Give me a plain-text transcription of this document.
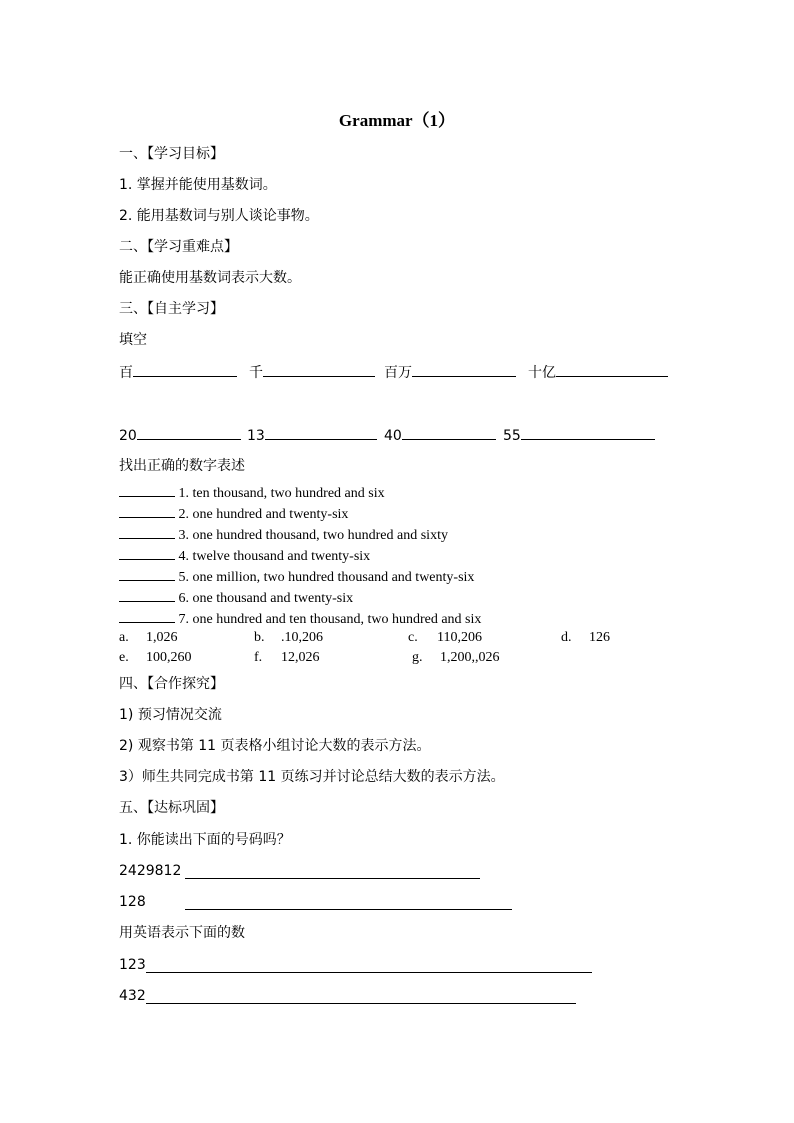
Grammar（1）
一、【学习目标】
1. 掌握并能使用基数词。
2. 能用基数词与别人谈论事物。
二、【学习重难点】
能正确使用基数词表示大数。
三、【自主学习】
填空
百	千	百万	十亿
20	13	40	55
找出正确的数字表述
1. ten thousand, two hundred and six
2. one hundred and twenty-six
3. one hundred thousand, two hundred and sixty
4. twelve thousand and twenty-six
5. one million, two hundred thousand and twenty-six
6. one thousand and twenty-six
7. one hundred and ten thousand, two hundred and six
a. 1,026	b. .10,206	c. 110,206	d. 126
e. 100,260	f. 12,026	g. 1,200,,026
四、【合作探究】
1) 预习情况交流
2) 观察书第 11 页表格小组讨论大数的表示方法。
3）师生共同完成书第 11 页练习并讨论总结大数的表示方法。
五、【达标巩固】
1. 你能读出下面的号码吗？
2429812
128
用英语表示下面的数
123
432
